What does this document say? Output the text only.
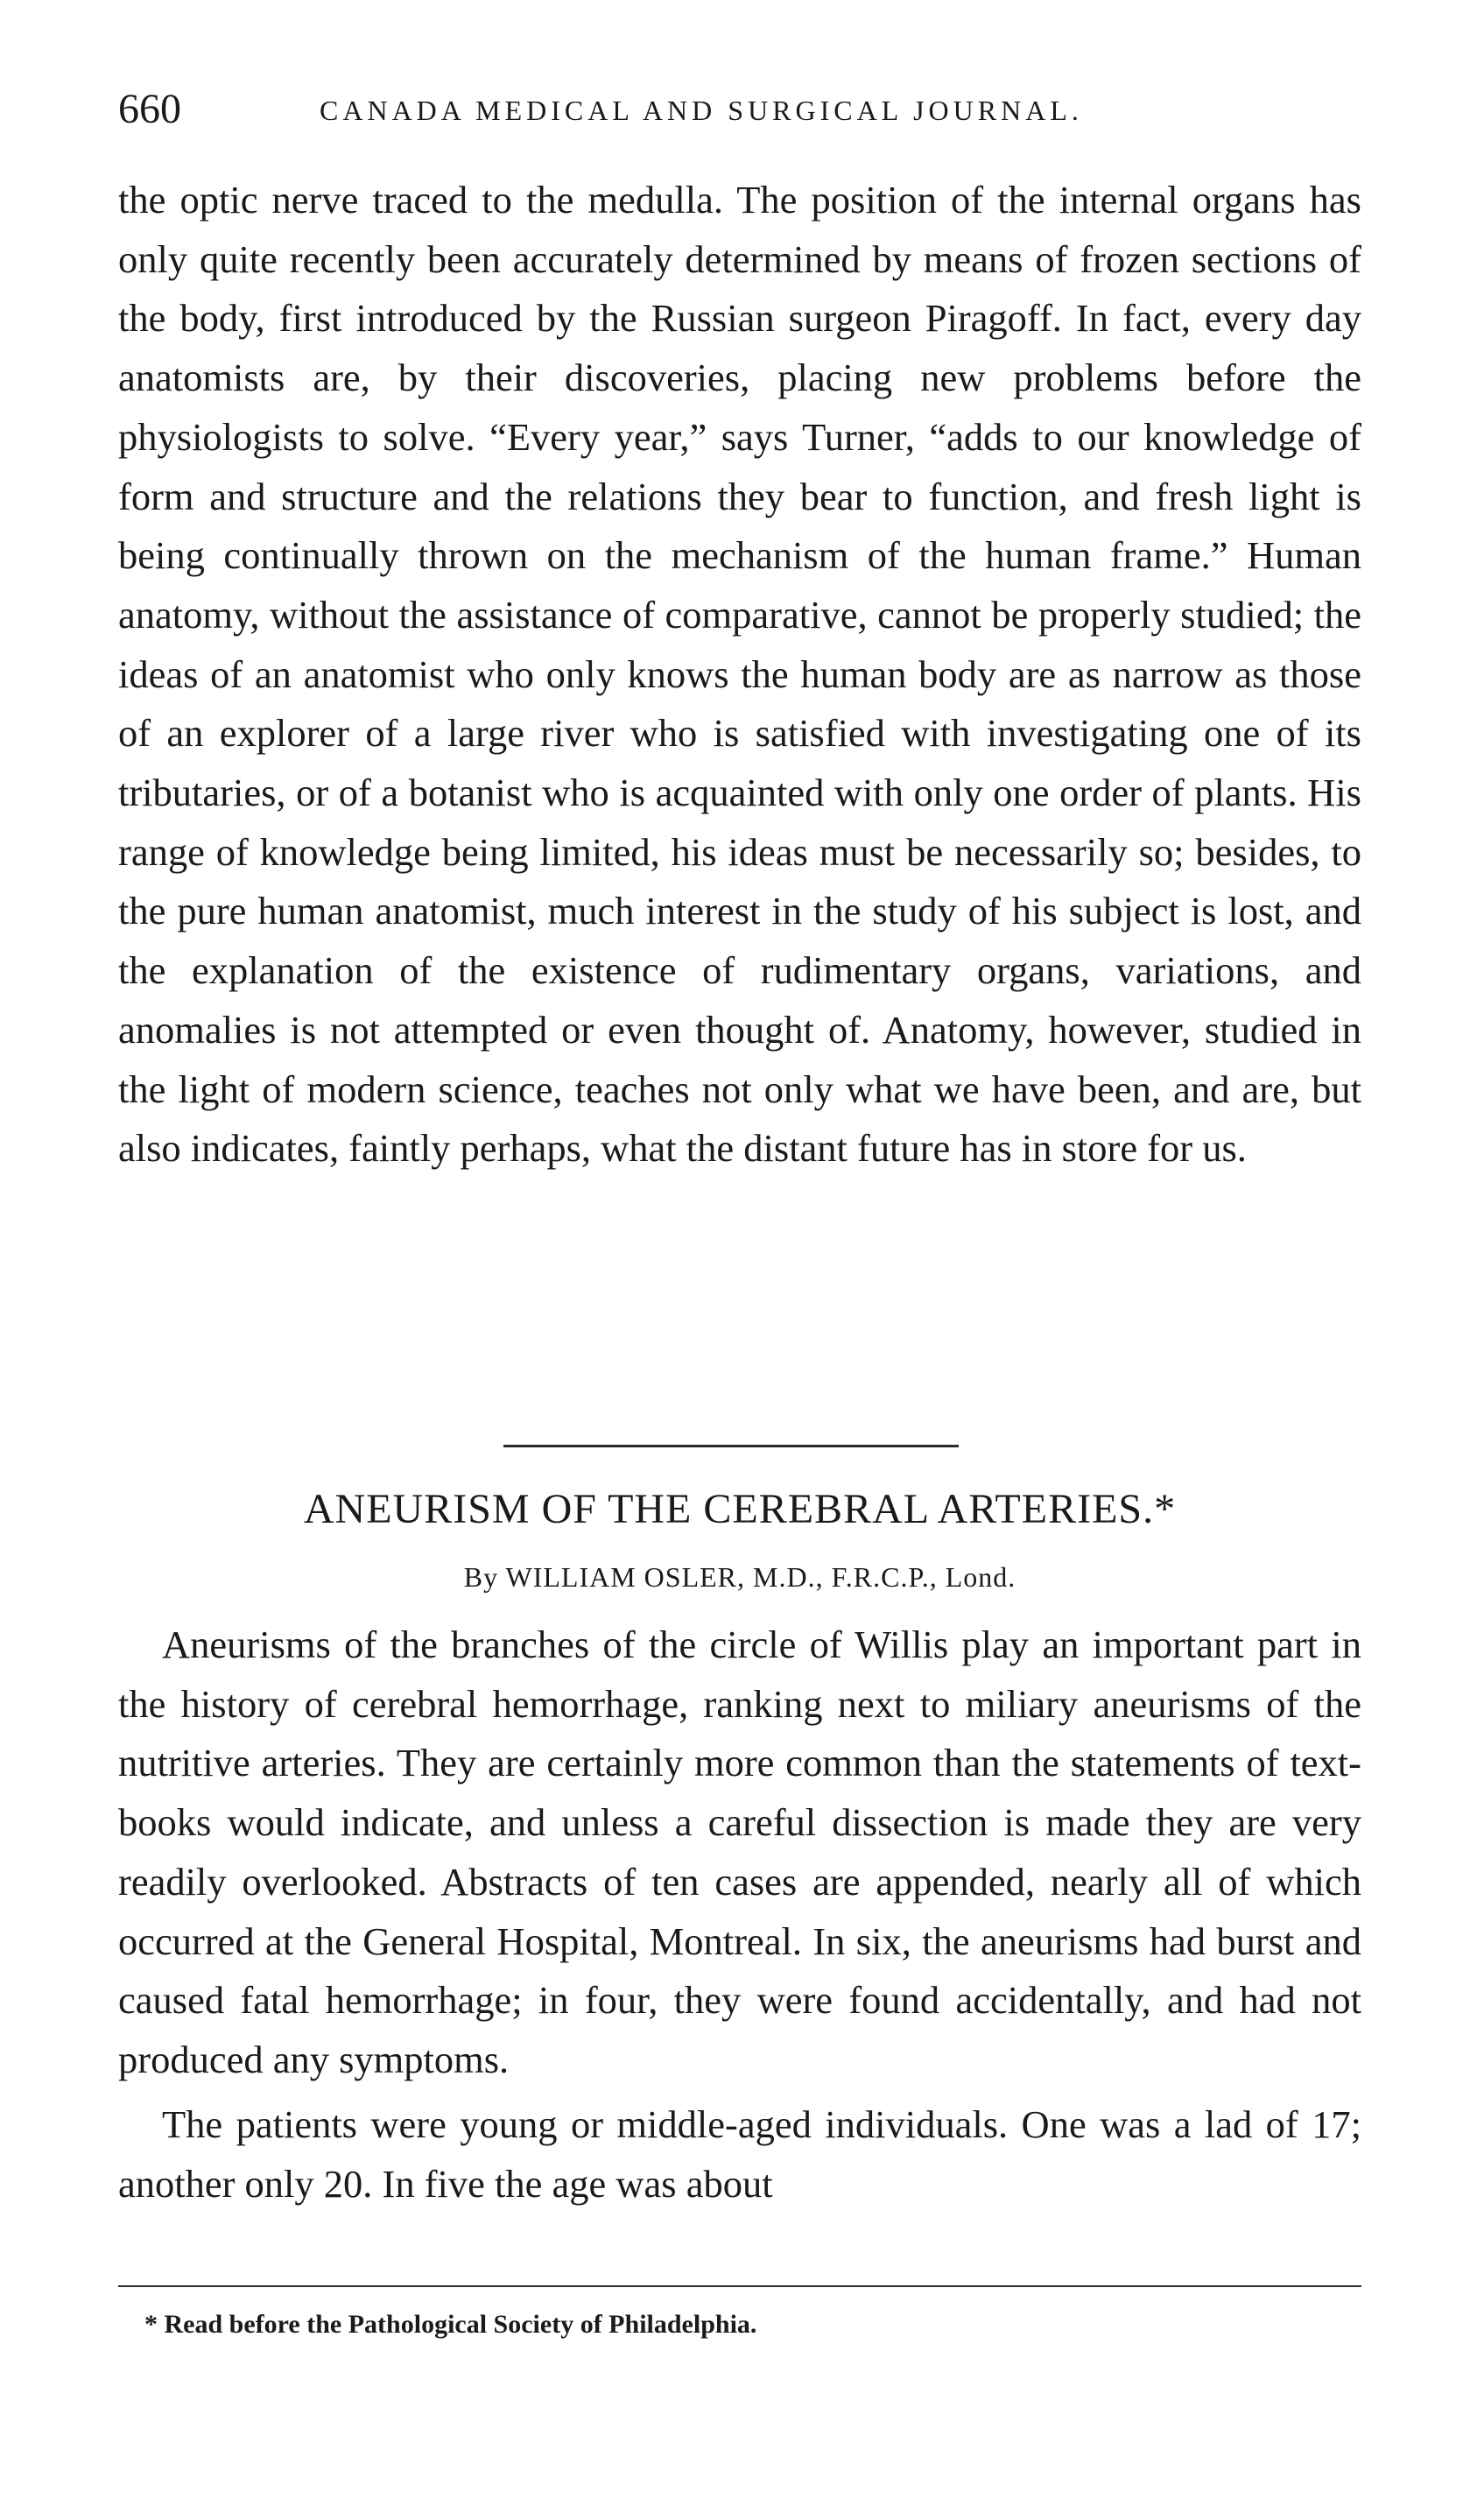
660	CANADA MEDICAL AND SURGICAL JOURNAL.

the optic nerve traced to the medulla. The position of the internal organs has only quite recently been accurately determined by means of frozen sections of the body, first introduced by the Russian surgeon Piragoff. In fact, every day anatomists are, by their discoveries, placing new problems before the physiologists to solve. “Every year,” says Turner, “adds to our knowledge of form and structure and the relations they bear to function, and fresh light is being continually thrown on the mechanism of the human frame.” Human anatomy, without the assistance of comparative, cannot be properly studied; the ideas of an anatomist who only knows the human body are as narrow as those of an explorer of a large river who is satisfied with investigating one of its tributaries, or of a botanist who is acquainted with only one order of plants. His range of knowledge being limited, his ideas must be necessarily so; besides, to the pure human anatomist, much interest in the study of his subject is lost, and the explanation of the existence of rudimentary organs, variations, and anomalies is not attempted or even thought of. Anatomy, however, studied in the light of modern science, teaches not only what we have been, and are, but also indicates, faintly perhaps, what the distant future has in store for us.

ANEURISM OF THE CEREBRAL ARTERIES.*
By WILLIAM OSLER, M.D., F.R.C.P., Lond.

Aneurisms of the branches of the circle of Willis play an important part in the history of cerebral hemorrhage, ranking next to miliary aneurisms of the nutritive arteries. They are certainly more common than the statements of text-books would indicate, and unless a careful dissection is made they are very readily overlooked. Abstracts of ten cases are appended, nearly all of which occurred at the General Hospital, Montreal. In six, the aneurisms had burst and caused fatal hemorrhage; in four, they were found accidentally, and had not produced any symptoms.

The patients were young or middle-aged individuals. One was a lad of 17; another only 20. In five the age was about

* Read before the Pathological Society of Philadelphia.
